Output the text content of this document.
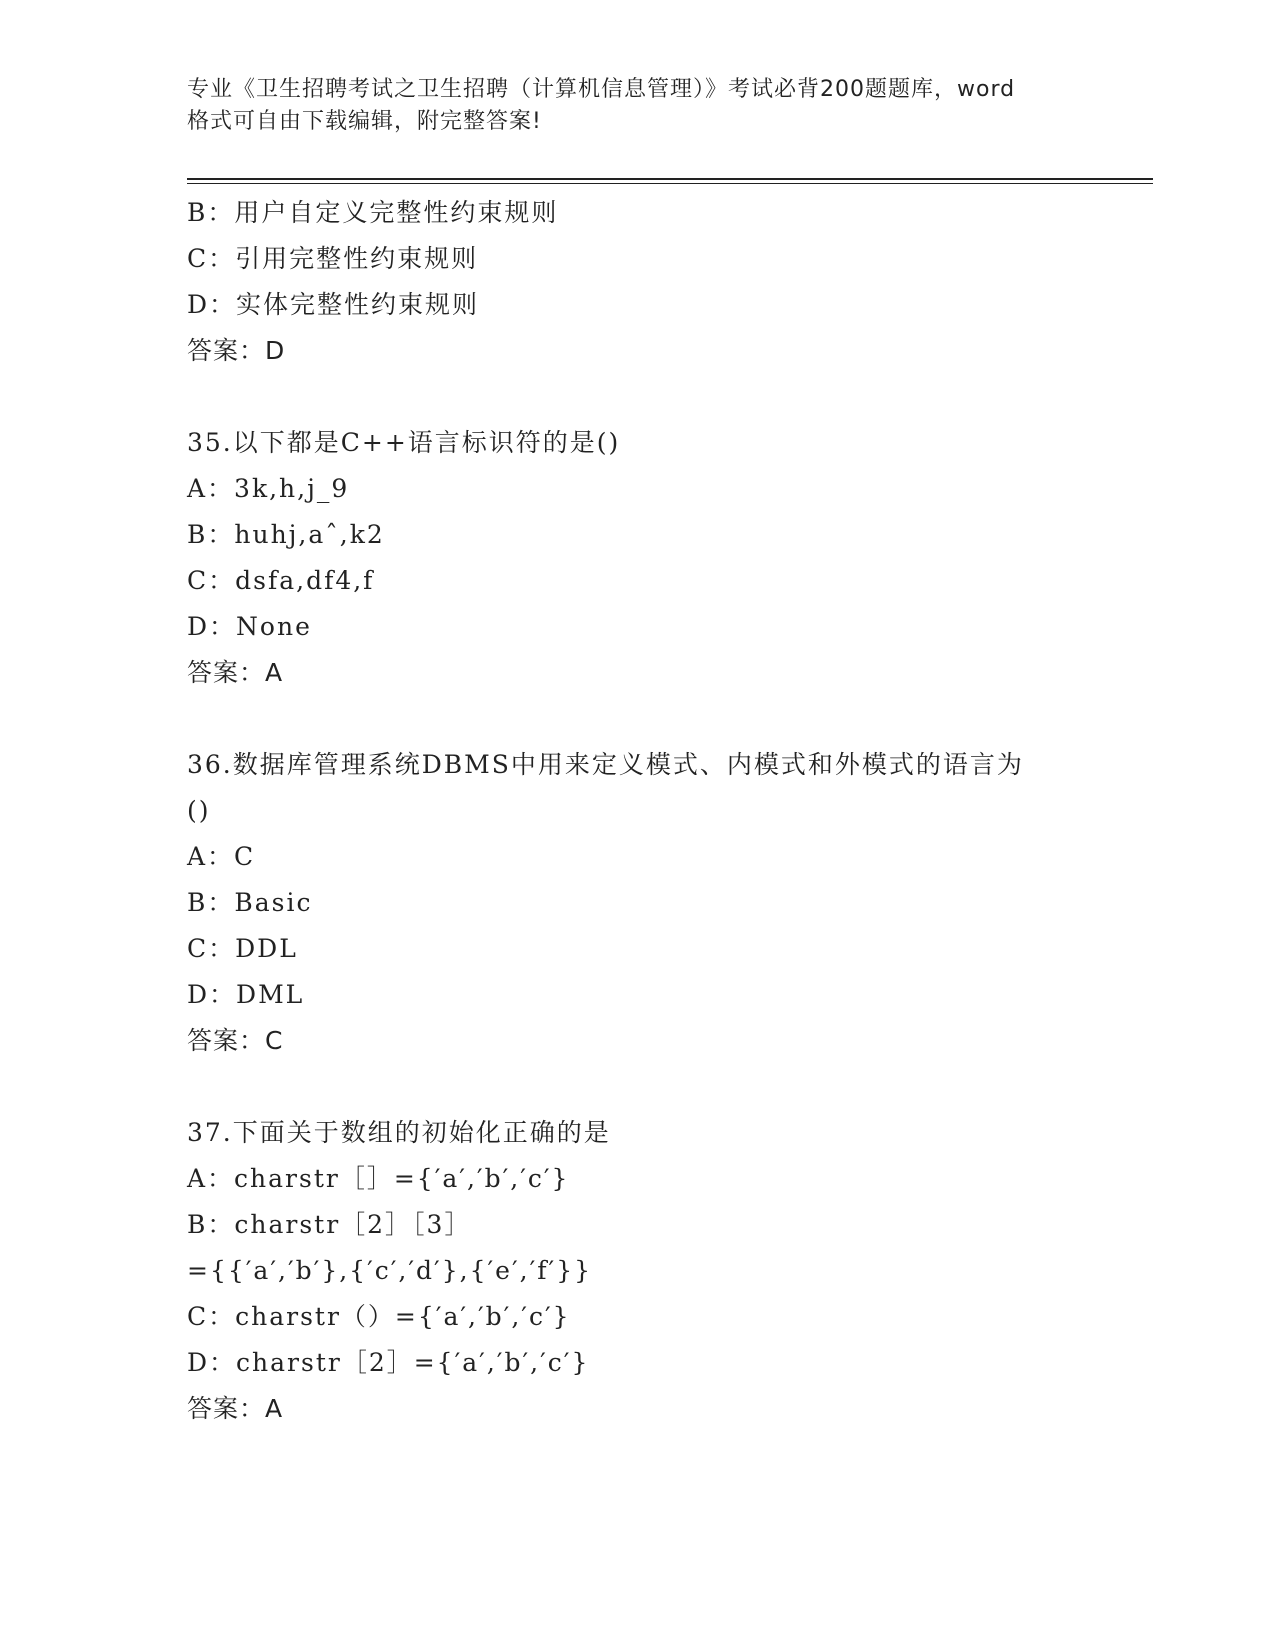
专业《卫生招聘考试之卫生招聘（计算机信息管理）》考试必背200题题库，word
格式可自由下载编辑，附完整答案!
B：用户自定义完整性约束规则
C：引用完整性约束规则
D：实体完整性约束规则
答案：D
35.以下都是C++语言标识符的是()
A：3k,h,j_9
B：huhj,aˆ,k2
C：dsfa,df4,f
D：None
答案：A
36.数据库管理系统DBMS中用来定义模式、内模式和外模式的语言为
()
A：C
B：Basic
C：DDL
D：DML
答案：C
37.下面关于数组的初始化正确的是
A：charstr［］={′a′,′b′,′c′}
B：charstr［2］［3］
={{′a′,′b′},{′c′,′d′},{′e′,′f′}}
C：charstr（）={′a′,′b′,′c′}
D：charstr［2］={′a′,′b′,′c′}
答案：A
